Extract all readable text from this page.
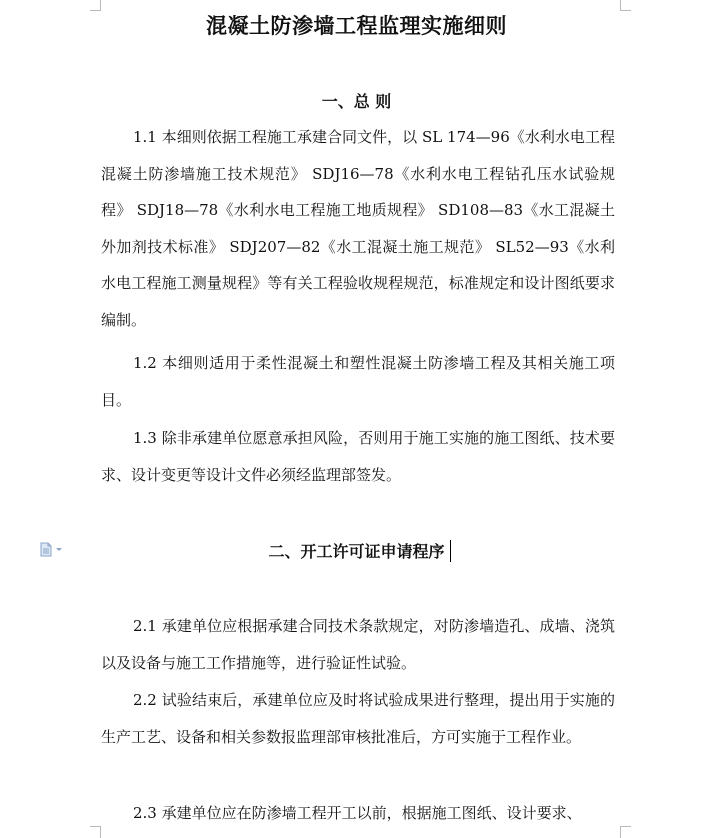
混凝土防渗墙工程监理实施细则
一、总 则

1.1 本细则依据工程施工承建合同文件，以 SL 174—96《水利水电工程混凝土防渗墙施工技术规范》 SDJ16—78《水利水电工程钻孔压水试验规程》 SDJ18—78《水利水电工程施工地质规程》 SD108—83《水工混凝土外加剂技术标准》 SDJ207—82《水工混凝土施工规范》 SL52—93《水利水电工程施工测量规程》等有关工程验收规程规范，标准规定和设计图纸要求编制。

1.2 本细则适用于柔性混凝土和塑性混凝土防渗墙工程及其相关施工项目。

1.3 除非承建单位愿意承担风险，否则用于施工实施的施工图纸、技术要求、设计变更等设计文件必须经监理部签发。

二、开工许可证申请程序

2.1 承建单位应根据承建合同技术条款规定，对防渗墙造孔、成墙、浇筑以及设备与施工工作措施等，进行验证性试验。

2.2 试验结束后，承建单位应及时将试验成果进行整理，提出用于实施的生产工艺、设备和相关参数报监理部审核批准后，方可实施于工程作业。

2.3 承建单位应在防渗墙工程开工以前，根据施工图纸、设计要求、
